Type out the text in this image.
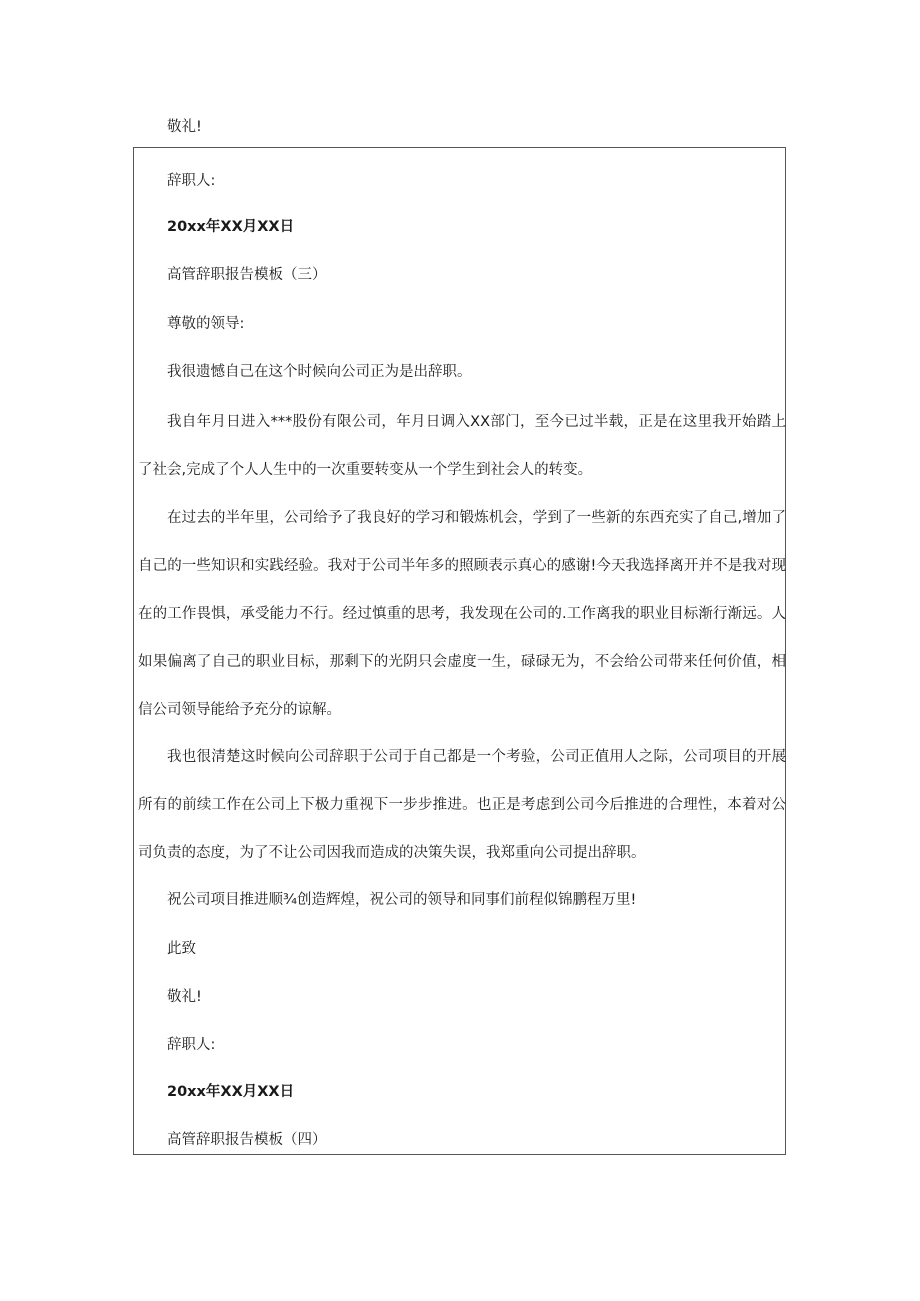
敬礼!
辞职人:
20xx年XX月XX日
高管辞职报告模板（三）
尊敬的领导:
我很遗憾自己在这个时候向公司正为是出辞职。
我自年月日进入***股份有限公司，年月日调入XX部门，至今已过半载，正是在这里我开始踏上了社会,完成了个人人生中的一次重要转变从一个学生到社会人的转变。
在过去的半年里，公司给予了我良好的学习和锻炼机会，学到了一些新的东西充实了自己,增加了自己的一些知识和实践经验。我对于公司半年多的照顾表示真心的感谢!今天我选择离开并不是我对现在的工作畏惧，承受能力不行。经过慎重的思考，我发现在公司的.工作离我的职业目标渐行渐远。人如果偏离了自己的职业目标，那剩下的光阴只会虚度一生，碌碌无为，不会给公司带来任何价值，相信公司领导能给予充分的谅解。
我也很清楚这时候向公司辞职于公司于自己都是一个考验，公司正值用人之际，公司项目的开展所有的前续工作在公司上下极力重视下一步步推进。也正是考虑到公司今后推进的合理性，本着对公司负责的态度，为了不让公司因我而造成的决策失误，我郑重向公司提出辞职。
祝公司项目推进顺¾创造辉煌，祝公司的领导和同事们前程似锦鹏程万里!
此致
敬礼!
辞职人:
20xx年XX月XX日
高管辞职报告模板（四）
